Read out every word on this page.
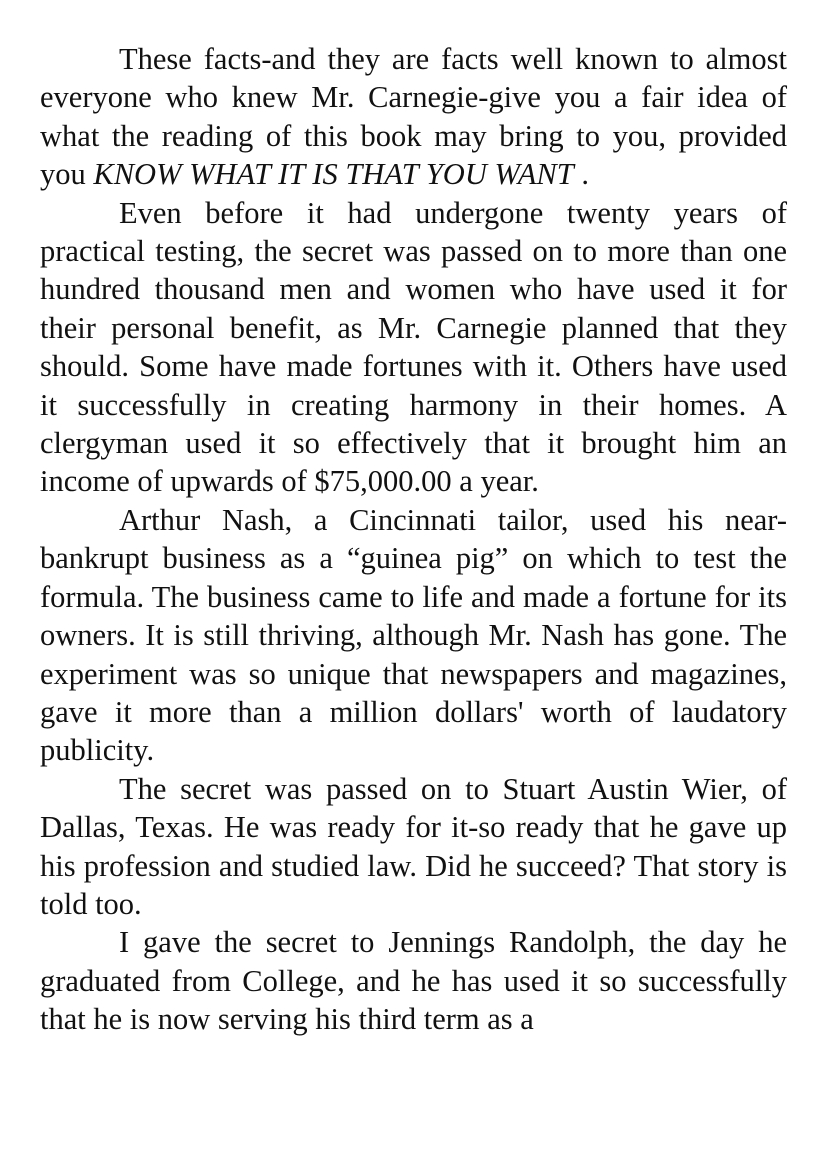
These facts-and they are facts well known to almost everyone who knew Mr. Carnegie-give you a fair idea of what the reading of this book may bring to you, provided you KNOW WHAT IT IS THAT YOU WANT .

Even before it had undergone twenty years of practical testing, the secret was passed on to more than one hundred thousand men and women who have used it for their personal benefit, as Mr. Carnegie planned that they should. Some have made fortunes with it. Others have used it successfully in creating harmony in their homes. A clergyman used it so effectively that it brought him an income of upwards of $75,000.00 a year.

Arthur Nash, a Cincinnati tailor, used his near-bankrupt business as a “guinea pig” on which to test the formula. The business came to life and made a fortune for its owners. It is still thriving, although Mr. Nash has gone. The experiment was so unique that newspapers and magazines, gave it more than a million dollars' worth of laudatory publicity.

The secret was passed on to Stuart Austin Wier, of Dallas, Texas. He was ready for it-so ready that he gave up his profession and studied law. Did he succeed? That story is told too.

I gave the secret to Jennings Randolph, the day he graduated from College, and he has used it so successfully that he is now serving his third term as a
